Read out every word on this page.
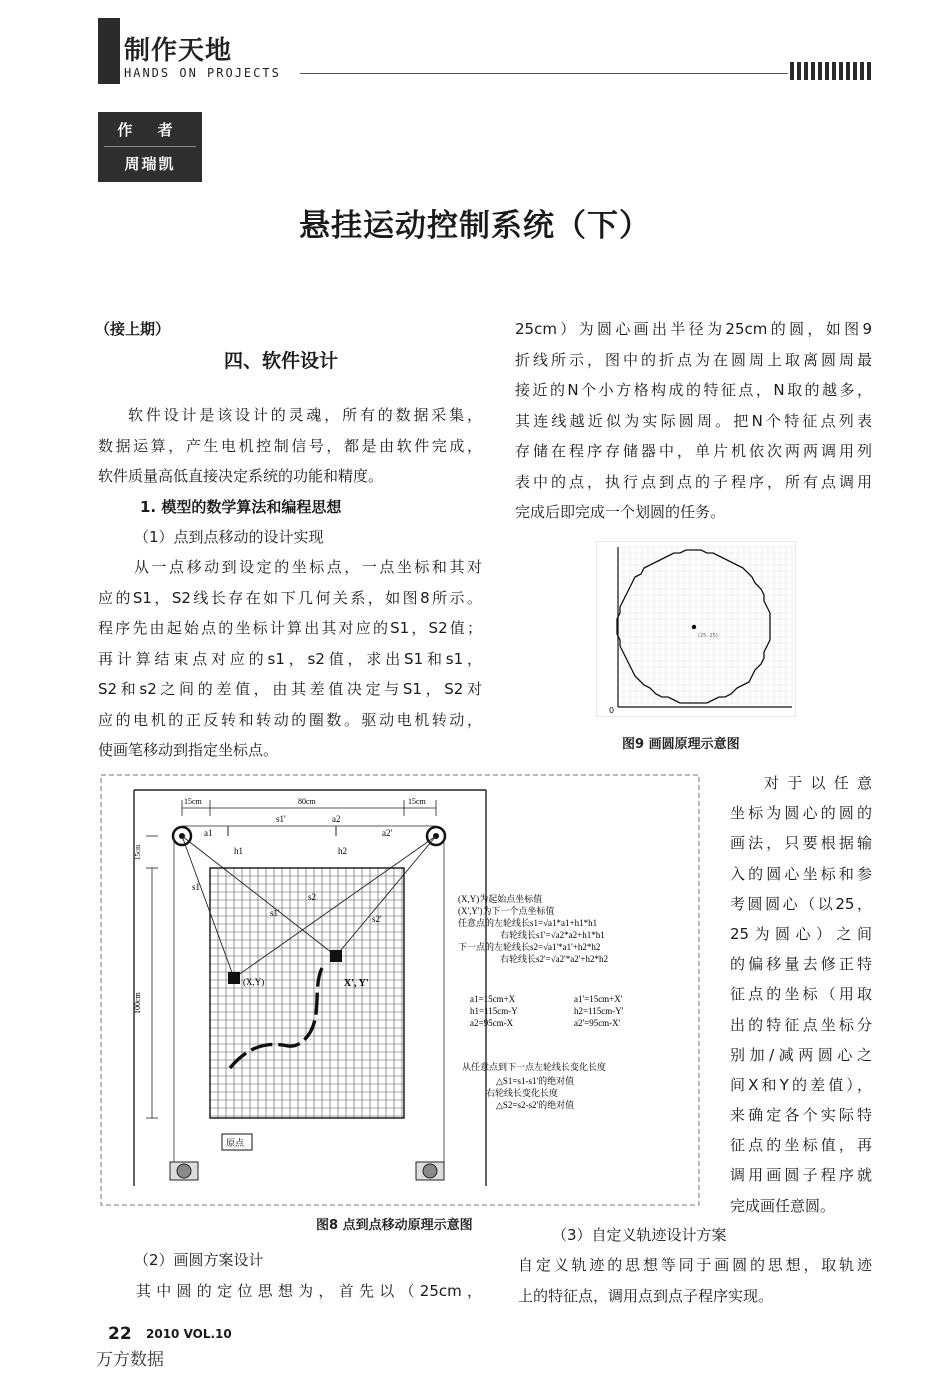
制作天地
HANDS ON PROJECTS
作 者
周瑞凯
悬挂运动控制系统（下）
（接上期）
四、软件设计
软件设计是该设计的灵魂，所有的数据采集，
数据运算，产生电机控制信号，都是由软件完成，
软件质量高低直接决定系统的功能和精度。
1. 模型的数学算法和编程思想
（1）点到点移动的设计实现
从一点移动到设定的坐标点，一点坐标和其对
应的S1，S2线长存在如下几何关系，如图8所示。
程序先由起始点的坐标计算出其对应的S1，S2值；
再计算结束点对应的s1，s2值，求出S1和s1，
S2和s2之间的差值，由其差值决定与S1，S2对
应的电机的正反转和转动的圈数。驱动电机转动，
使画笔移动到指定坐标点。
25cm）为圆心画出半径为25cm的圆，如图9
折线所示，图中的折点为在圆周上取离圆周最
接近的N个小方格构成的特征点，N取的越多，
其连线越近似为实际圆周。把N个特征点列表
存储在程序存储器中，单片机依次两两调用列
表中的点，执行点到点的子程序，所有点调用
完成后即完成一个划圆的任务。
(25, 25)
0
图9 画圆原理示意图
15cm	80cm	15cm
100cm
15cm
a1
s1'	a2
a2'
h1	h2
s1
s2
s1'
s2'
(X,Y)	X', Y'
原点
(X,Y)为起始点坐标值
(X',Y')为下一个点坐标值
任意点的左轮线长s1=√a1*a1+h1*h1
右轮线长s1'=√a2*a2+h1*h1
下一点的左轮线长s2=√a1'*a1'+h2*h2
右轮线长s2'=√a2'*a2'+h2*h2
a1=15cm+X
h1=115cm-Y
a2=95cm-X
a1'=15cm+X'
h2=115cm-Y'
a2'=95cm-X'
从任意点到下一点左轮线长变化长度
△S1=s1-s1'的绝对值
右轮线长变化长度
△S2=s2-s2'的绝对值
图8 点到点移动原理示意图
对于以任意
坐标为圆心的圆的
画法，只要根据输
入的圆心坐标和参
考圆圆心（以25，
25为圆心）之间
的偏移量去修正特
征点的坐标（用取
出的特征点坐标分
别加/减两圆心之
间X和Y的差值），
来确定各个实际特
征点的坐标值，再
调用画圆子程序就
完成画任意圆。
（2）画圆方案设计
其中圆的定位思想为，首先以（25cm，
（3）自定义轨迹设计方案
自定义轨迹的思想等同于画圆的思想，取轨迹
上的特征点，调用点到点子程序实现。
22 2010 VOL.10
万方数据
